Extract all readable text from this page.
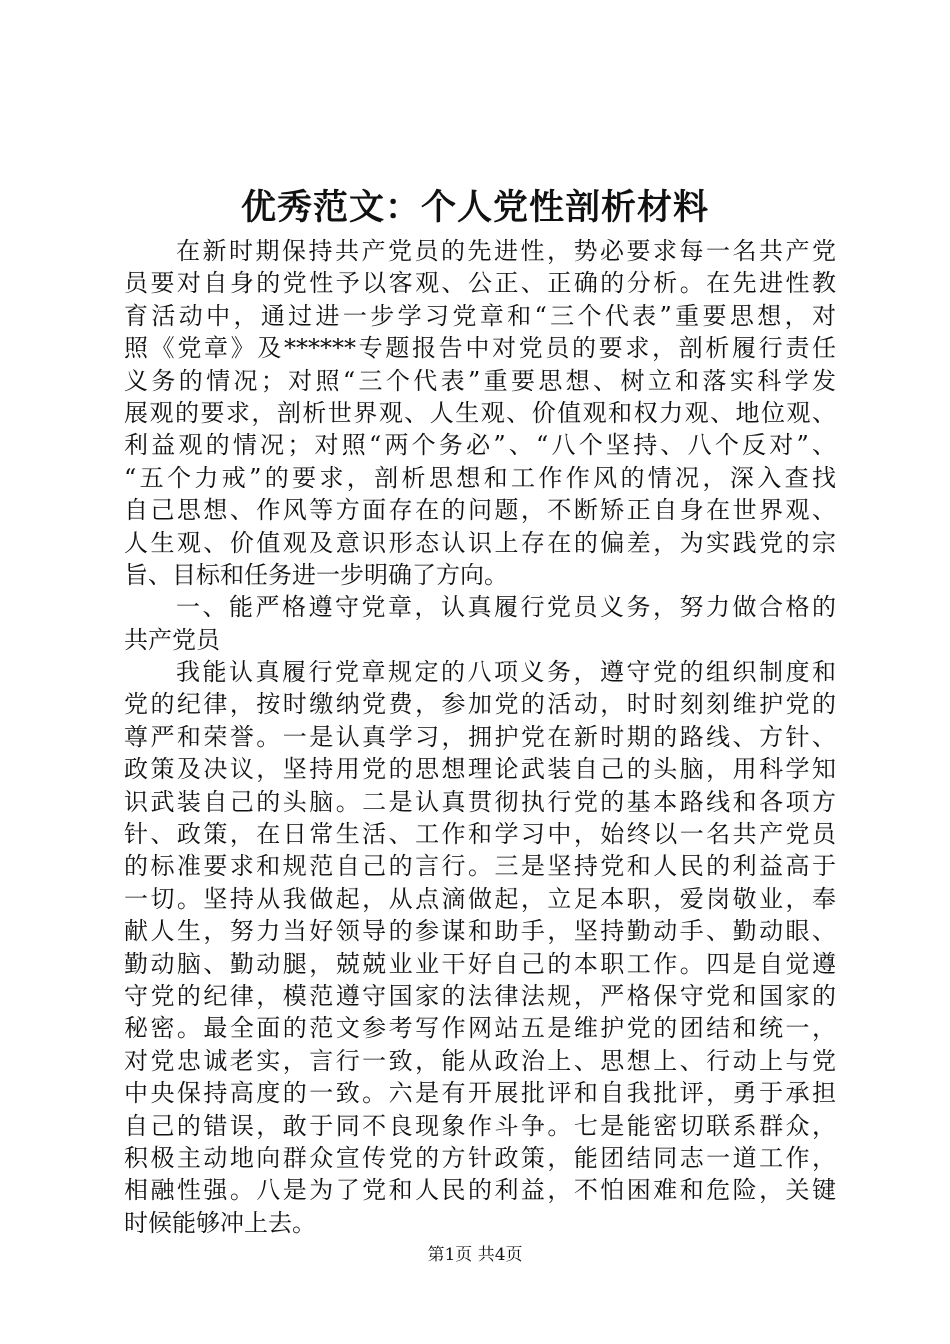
优秀范文：个人党性剖析材料
在新时期保持共产党员的先进性，势必要求每一名共产党
员要对自身的党性予以客观、公正、正确的分析。在先进性教
育活动中，通过进一步学习党章和“三个代表”重要思想，对
照《党章》及******专题报告中对党员的要求，剖析履行责任
义务的情况；对照“三个代表”重要思想、树立和落实科学发
展观的要求，剖析世界观、人生观、价值观和权力观、地位观、
利益观的情况；对照“两个务必”、“八个坚持、八个反对”、
“五个力戒”的要求，剖析思想和工作作风的情况，深入查找
自己思想、作风等方面存在的问题，不断矫正自身在世界观、
人生观、价值观及意识形态认识上存在的偏差，为实践党的宗
旨、目标和任务进一步明确了方向。
一、能严格遵守党章，认真履行党员义务，努力做合格的
共产党员
我能认真履行党章规定的八项义务，遵守党的组织制度和
党的纪律，按时缴纳党费，参加党的活动，时时刻刻维护党的
尊严和荣誉。一是认真学习，拥护党在新时期的路线、方针、
政策及决议，坚持用党的思想理论武装自己的头脑，用科学知
识武装自己的头脑。二是认真贯彻执行党的基本路线和各项方
针、政策，在日常生活、工作和学习中，始终以一名共产党员
的标准要求和规范自己的言行。三是坚持党和人民的利益高于
一切。坚持从我做起，从点滴做起，立足本职，爱岗敬业，奉
献人生，努力当好领导的参谋和助手，坚持勤动手、勤动眼、
勤动脑、勤动腿，兢兢业业干好自己的本职工作。四是自觉遵
守党的纪律，模范遵守国家的法律法规，严格保守党和国家的
秘密。最全面的范文参考写作网站五是维护党的团结和统一，
对党忠诚老实，言行一致，能从政治上、思想上、行动上与党
中央保持高度的一致。六是有开展批评和自我批评，勇于承担
自己的错误，敢于同不良现象作斗争。七是能密切联系群众，
积极主动地向群众宣传党的方针政策，能团结同志一道工作，
相融性强。八是为了党和人民的利益，不怕困难和危险，关键
时候能够冲上去。
第1页 共4页
